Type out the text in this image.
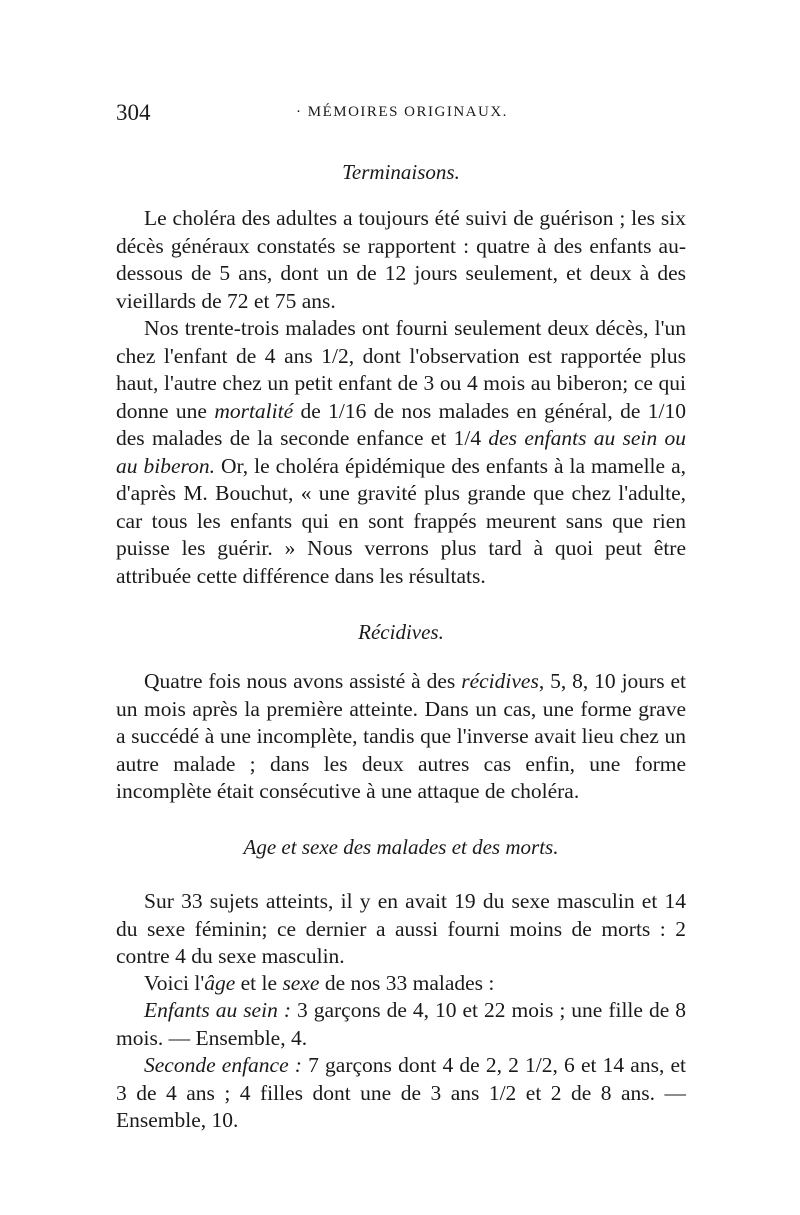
304	· MÉMOIRES ORIGINAUX.
Terminaisons.

Le choléra des adultes a toujours été suivi de guérison ; les six décès généraux constatés se rapportent : quatre à des enfants au-dessous de 5 ans, dont un de 12 jours seulement, et deux à des vieillards de 72 et 75 ans.

Nos trente-trois malades ont fourni seulement deux décès, l'un chez l'enfant de 4 ans 1/2, dont l'observation est rapportée plus haut, l'autre chez un petit enfant de 3 ou 4 mois au biberon; ce qui donne une mortalité de 1/16 de nos malades en général, de 1/10 des malades de la seconde enfance et 1/4 des enfants au sein ou au biberon. Or, le choléra épidémique des enfants à la mamelle a, d'après M. Bouchut, « une gravité plus grande que chez l'adulte, car tous les enfants qui en sont frappés meurent sans que rien puisse les guérir. » Nous verrons plus tard à quoi peut être attribuée cette différence dans les résultats.

Récidives.

Quatre fois nous avons assisté à des récidives, 5, 8, 10 jours et un mois après la première atteinte. Dans un cas, une forme grave a succédé à une incomplète, tandis que l'inverse avait lieu chez un autre malade ; dans les deux autres cas enfin, une forme incomplète était consécutive à une attaque de choléra.

Age et sexe des malades et des morts.

Sur 33 sujets atteints, il y en avait 19 du sexe masculin et 14 du sexe féminin; ce dernier a aussi fourni moins de morts : 2 contre 4 du sexe masculin.

Voici l'âge et le sexe de nos 33 malades :

Enfants au sein : 3 garçons de 4, 10 et 22 mois ; une fille de 8 mois. — Ensemble, 4.

Seconde enfance : 7 garçons dont 4 de 2, 2 1/2, 6 et 14 ans, et 3 de 4 ans ; 4 filles dont une de 3 ans 1/2 et 2 de 8 ans. — Ensemble, 10.
